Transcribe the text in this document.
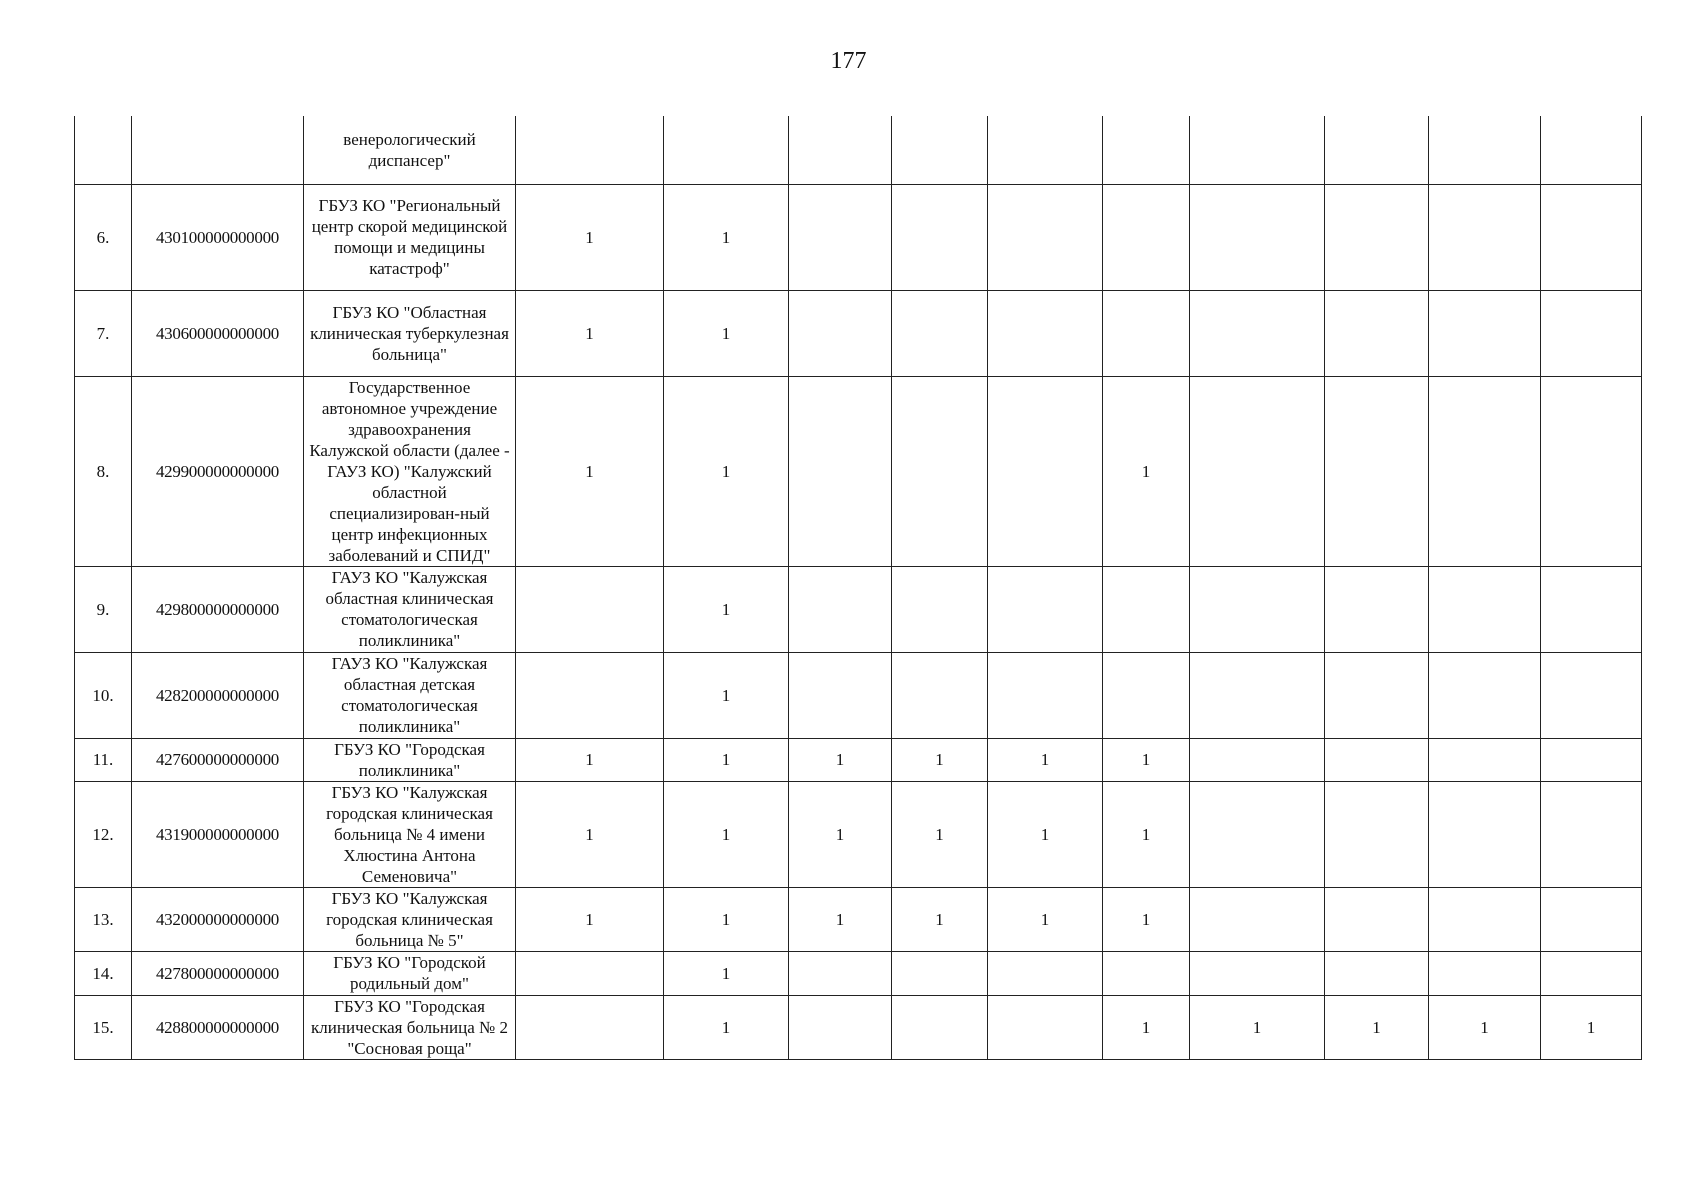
177
		венерологический диспансер"										
6.	430100000000000	ГБУЗ КО "Региональный центр скорой медицинской помощи и медицины катастроф"	1	1								
7.	430600000000000	ГБУЗ КО "Областная клиническая туберкулезная больница"	1	1								
8.	429900000000000	Государственное автономное учреждение здравоохранения Калужской области (далее - ГАУЗ КО) "Калужский областной специализирован-ный центр инфекционных заболеваний и СПИД"	1	1				1				
9.	429800000000000	ГАУЗ КО "Калужская областная клиническая стоматологическая поликлиника"		1								
10.	428200000000000	ГАУЗ КО "Калужская областная детская стоматологическая поликлиника"		1								
11.	427600000000000	ГБУЗ КО "Городская поликлиника"	1	1	1	1	1	1				
12.	431900000000000	ГБУЗ КО "Калужская городская клиническая больница № 4 имени Хлюстина Антона Семеновича"	1	1	1	1	1	1				
13.	432000000000000	ГБУЗ КО "Калужская городская клиническая больница № 5"	1	1	1	1	1	1				
14.	427800000000000	ГБУЗ КО "Городской родильный дом"		1								
15.	428800000000000	ГБУЗ КО "Городская клиническая больница № 2 "Сосновая роща"		1				1	1	1	1	1
